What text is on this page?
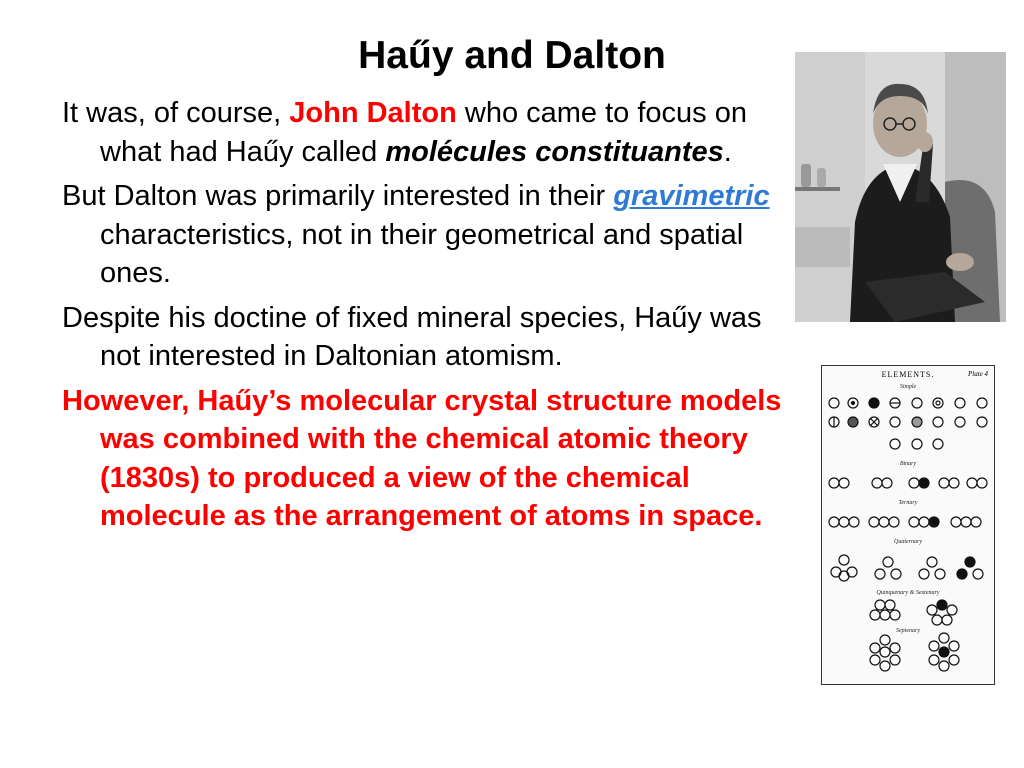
Haűy and Dalton

It was, of course, John Dalton who came to focus on what had Haűy called molécules constituantes.

But Dalton was primarily interested in their gravimetric characteristics, not in their geometrical and spatial ones.

Despite his doctine of fixed mineral species, Haűy was not interested in Daltonian atomism.

However, Haűy’s molecular crystal structure models was combined with the chemical atomic theory (1830s) to produced a view of the chemical molecule as the arrangement of atoms in space.

ELEMENTS.	Plate 4
Binary
Ternary
Quaternary
Quinquenary & Sextenary
Septenary
Simple
